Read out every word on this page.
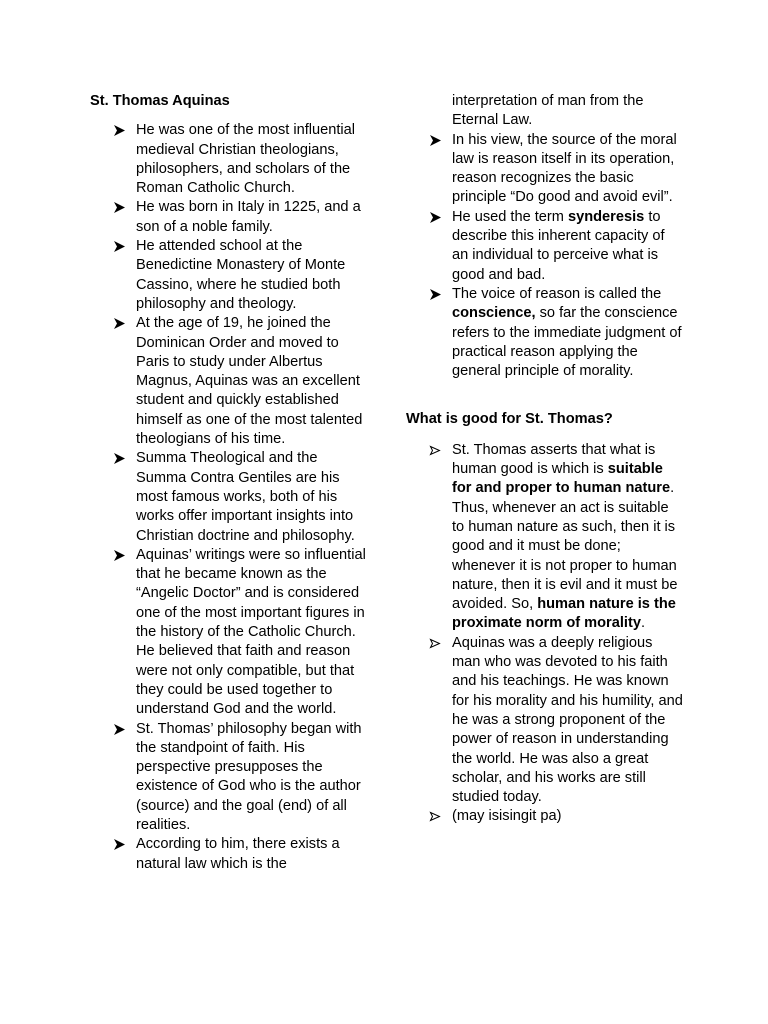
St. Thomas Aquinas
He was one of the most influential medieval Christian theologians, philosophers, and scholars of the Roman Catholic Church.
He was born in Italy in 1225, and a son of a noble family.
He attended school at the Benedictine Monastery of Monte Cassino, where he studied both philosophy and theology.
At the age of 19, he joined the Dominican Order and moved to Paris to study under Albertus Magnus, Aquinas was an excellent student and quickly established himself as one of the most talented theologians of his time.
Summa Theological and the Summa Contra Gentiles are his most famous works, both of his works offer important insights into Christian doctrine and philosophy.
Aquinas’ writings were so influential that he became known as the “Angelic Doctor” and is considered one of the most important figures in the history of the Catholic Church. He believed that faith and reason were not only compatible, but that they could be used together to understand God and the world.
St. Thomas’ philosophy began with the standpoint of faith. His perspective presupposes the existence of God who is the author (source) and the goal (end) of all realities.
According to him, there exists a natural law which is the
interpretation of man from the Eternal Law.
In his view, the source of the moral law is reason itself in its operation, reason recognizes the basic principle “Do good and avoid evil”.
He used the term synderesis to describe this inherent capacity of an individual to perceive what is good and bad.
The voice of reason is called the conscience, so far the conscience refers to the immediate judgment of practical reason applying the general principle of morality.
What is good for St. Thomas?
St. Thomas asserts that what is human good is which is suitable for and proper to human nature. Thus, whenever an act is suitable to human nature as such, then it is good and it must be done; whenever it is not proper to human nature, then it is evil and it must be avoided. So, human nature is the proximate norm of morality.
Aquinas was a deeply religious man who was devoted to his faith and his teachings. He was known for his morality and his humility, and he was a strong proponent of the power of reason in understanding the world. He was also a great scholar, and his works are still studied today.
(may isisingit pa)
